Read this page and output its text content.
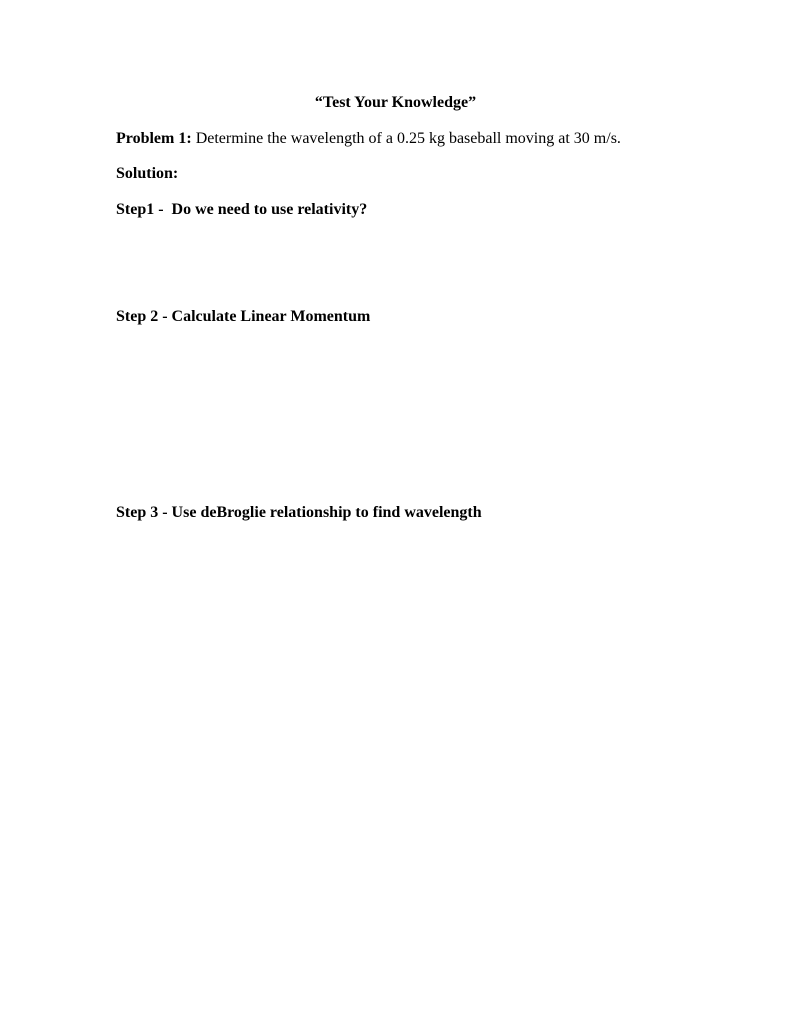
“Test Your Knowledge”
Problem 1: Determine the wavelength of a 0.25 kg baseball moving at 30 m/s.
Solution:
Step1 -  Do we need to use relativity?
Step 2 - Calculate Linear Momentum
Step 3 - Use deBroglie relationship to find wavelength
